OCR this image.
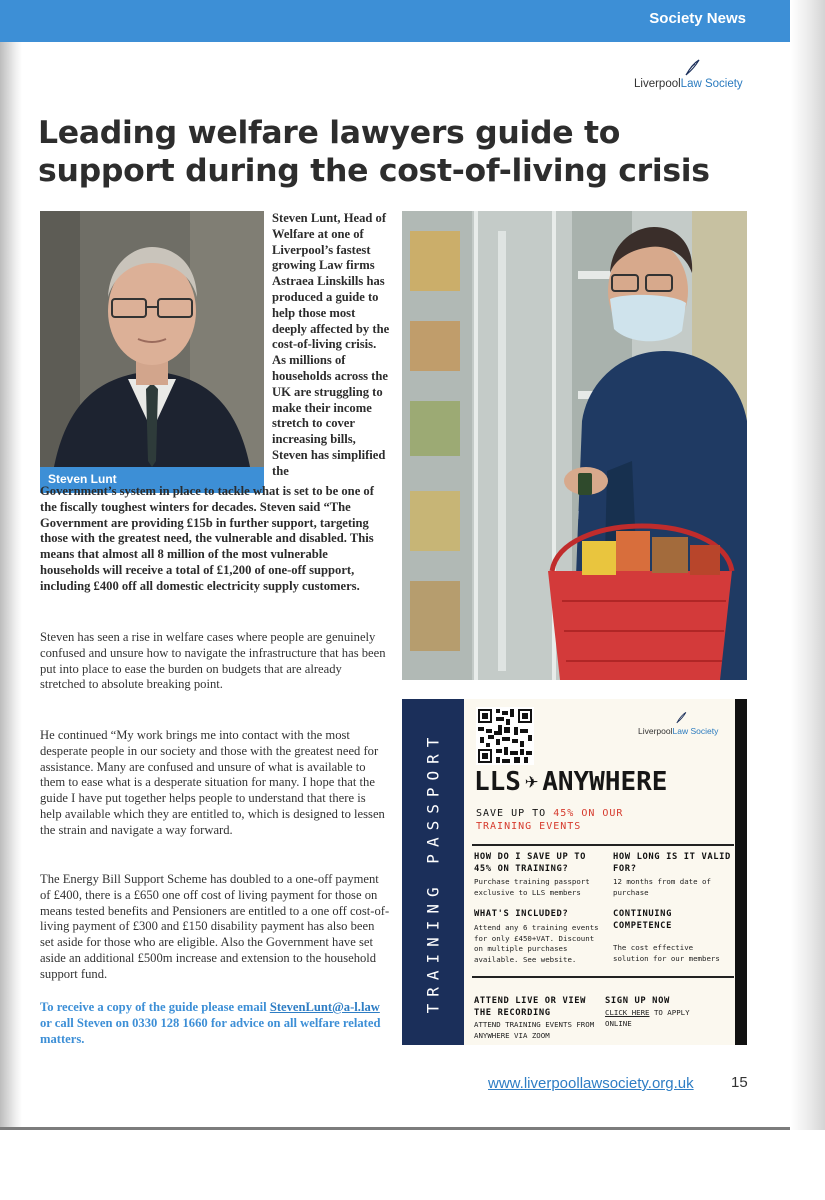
Society News
LiverpoolLaw Society
Leading welfare lawyers guide to support during the cost-of-living crisis
Steven Lunt

Steven Lunt, Head of Welfare at one of Liverpool’s fastest growing Law firms Astraea Linskills has produced a guide to help those most deeply affected by the cost-of-living crisis. As millions of households across the UK are struggling to make their income stretch to cover increasing bills, Steven has simplified the

Government’s system in place to tackle what is set to be one of the fiscally toughest winters for decades. Steven said “The Government are providing £15b in further support, targeting those with the greatest need, the vulnerable and disabled. This means that almost all 8 million of the most vulnerable households will receive a total of £1,200 of one-off support, including £400 off all domestic electricity supply customers.

Steven has seen a rise in welfare cases where people are genuinely confused and unsure how to navigate the infrastructure that has been put into place to ease the burden on budgets that are already stretched to absolute breaking point.

He continued “My work brings me into contact with the most desperate people in our society and those with the greatest need for assistance. Many are confused and unsure of what is available to them to ease what is a desperate situation for many. I hope that the guide I have put together helps people to understand that there is help available which they are entitled to, which is designed to lessen the strain and navigate a way forward.

The Energy Bill Support Scheme has doubled to a one-off payment of £400, there is a £650 one off cost of living payment for those on means tested benefits and Pensioners are entitled to a one off cost-of-living payment of £300 and £150 disability payment has also been set aside for those who are eligible. Also the Government have set aside an additional £500m increase and extension to the household support fund.

To receive a copy of the guide please email StevenLunt@a-l.law or call Steven on 0330 128 1660 for advice on all welfare related matters.

TRAINING PASSPORT	LiverpoolLaw Society
LLS ✈ ANYWHERE
SAVE UP TO 45% ON OUR
TRAINING EVENTS
HOW DO I SAVE UP TO 45% ON TRAINING?
Purchase training passport exclusive to LLS members
HOW LONG IS IT VALID FOR?
12 months from date of purchase
WHAT'S INCLUDED?
Attend any 6 training events for only £450+VAT. Discount on multiple purchases available. See website.
CONTINUING COMPETENCE
The cost effective solution for our members
ATTEND LIVE OR VIEW THE RECORDING
ATTEND TRAINING EVENTS FROM ANYWHERE VIA ZOOM
SIGN UP NOW
CLICK HERE TO APPLY ONLINE
www.liverpoollawsociety.org.uk 15
